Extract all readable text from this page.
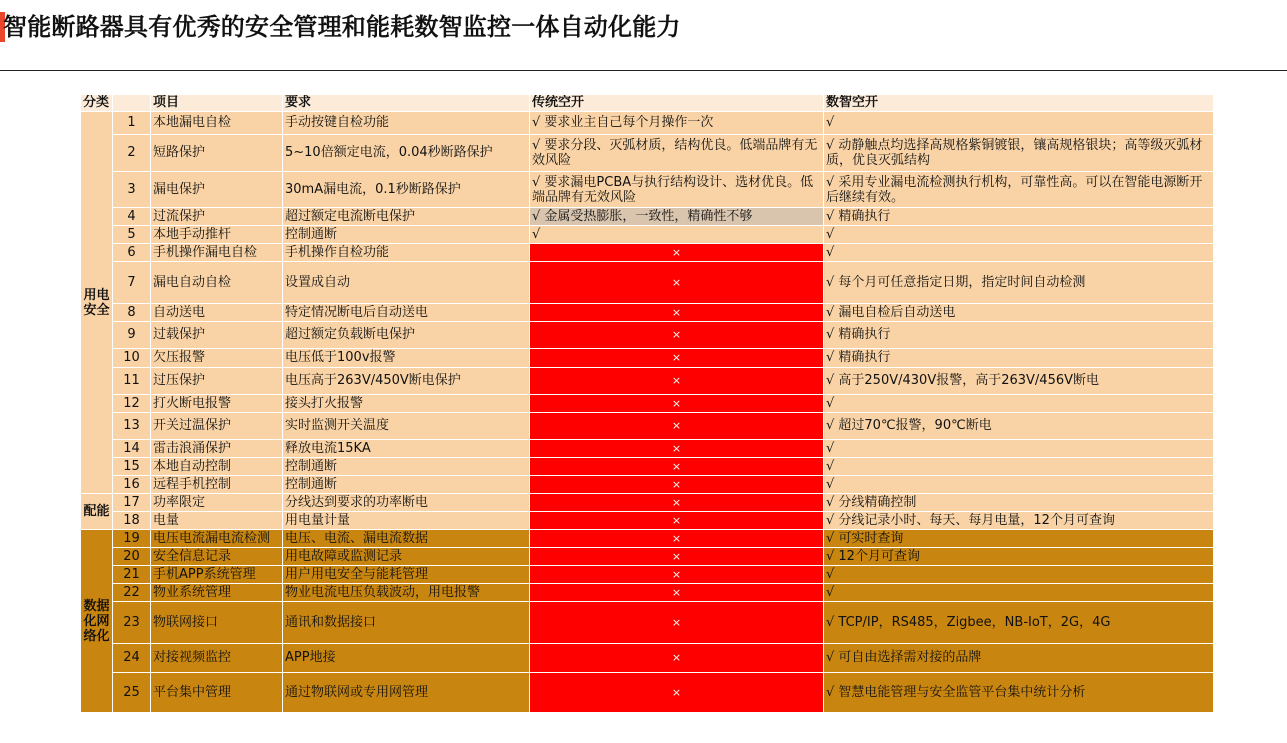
智能断路器具有优秀的安全管理和能耗数智监控一体自动化能力
分类		项目	要求	传统空开	数智空开
用电安全	1	本地漏电自检	手动按键自检功能	√ 要求业主自己每个月操作一次	√
	2	短路保护	5~10倍额定电流，0.04秒断路保护	√ 要求分段、灭弧材质，结构优良。低端品牌有无效风险	√ 动静触点均选择高规格紫铜镀银，镶高规格银块；高等级灭弧材质，优良灭弧结构
	3	漏电保护	30mA漏电流，0.1秒断路保护	√ 要求漏电PCBA与执行结构设计、选材优良。低端品牌有无效风险	√ 采用专业漏电流检测执行机构，可靠性高。可以在智能电源断开后继续有效。
	4	过流保护	超过额定电流断电保护	√ 金属受热膨胀，一致性，精确性不够	√ 精确执行
	5	本地手动推杆	控制通断	√	√
	6	手机操作漏电自检	手机操作自检功能	×	√
	7	漏电自动自检	设置成自动	×	√ 每个月可任意指定日期，指定时间自动检测
	8	自动送电	特定情况断电后自动送电	×	√ 漏电自检后自动送电
	9	过载保护	超过额定负载断电保护	×	√ 精确执行
	10	欠压报警	电压低于100v报警	×	√ 精确执行
	11	过压保护	电压高于263V/450V断电保护	×	√ 高于250V/430V报警，高于263V/456V断电
	12	打火断电报警	接头打火报警	×	√
	13	开关过温保护	实时监测开关温度	×	√ 超过70℃报警，90℃断电
	14	雷击浪涌保护	释放电流15KA	×	√
	15	本地自动控制	控制通断	×	√
	16	远程手机控制	控制通断	×	√
配能	17	功率限定	分线达到要求的功率断电	×	√ 分线精确控制
	18	电量	用电量计量	×	√ 分线记录小时、每天、每月电量，12个月可查询
数据化网络化	19	电压电流漏电流检测	电压、电流、漏电流数据	×	√ 可实时查询
	20	安全信息记录	用电故障或监测记录	×	√ 12个月可查询
	21	手机APP系统管理	用户用电安全与能耗管理	×	√
	22	物业系统管理	物业电流电压负载波动，用电报警	×	√
	23	物联网接口	通讯和数据接口	×	√ TCP/IP，RS485，Zigbee，NB-IoT，2G，4G
	24	对接视频监控	APP地接	×	√ 可自由选择需对接的品牌
	25	平台集中管理	通过物联网或专用网管理	×	√ 智慧电能管理与安全监管平台集中统计分析
